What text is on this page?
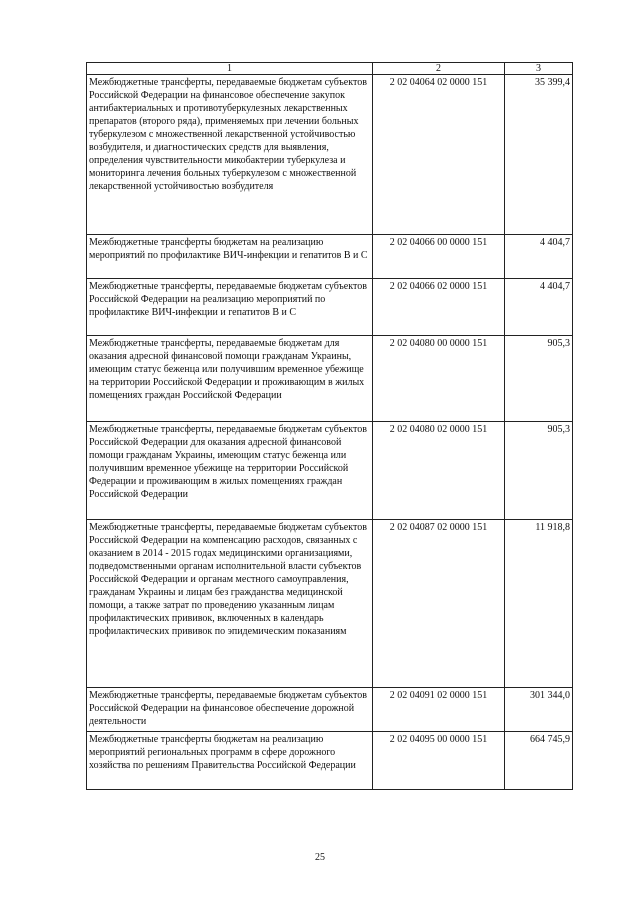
1	2	3
Межбюджетные трансферты, передаваемые бюджетам субъектов Российской Федерации на финансовое обеспечение закупок антибактериальных и противотуберкулезных лекарственных препаратов (второго ряда), применяемых при лечении больных туберкулезом с множественной лекарственной устойчивостью возбудителя, и диагностических средств для выявления, определения чувствительности микобактерии туберкулеза и мониторинга лечения больных туберкулезом с множественной лекарственной устойчивостью возбудителя	2 02 04064 02 0000 151	35 399,4
Межбюджетные трансферты бюджетам на реализацию мероприятий по профилактике ВИЧ-инфекции и гепатитов В и С	2 02 04066 00 0000 151	4 404,7
Межбюджетные трансферты, передаваемые бюджетам субъектов Российской Федерации на реализацию мероприятий по профилактике ВИЧ-инфекции и гепатитов В и С	2 02 04066 02 0000 151	4 404,7
Межбюджетные трансферты, передаваемые бюджетам для оказания адресной финансовой помощи гражданам Украины, имеющим статус беженца или получившим временное убежище на территории Российской Федерации и проживающим в жилых помещениях граждан Российской Федерации	2 02 04080 00 0000 151	905,3
Межбюджетные трансферты, передаваемые бюджетам субъектов Российской Федерации для оказания адресной финансовой помощи гражданам Украины, имеющим статус беженца или получившим временное убежище на территории Российской Федерации и проживающим в жилых помещениях граждан Российской Федерации	2 02 04080 02 0000 151	905,3
Межбюджетные трансферты, передаваемые бюджетам субъектов Российской Федерации на компенсацию расходов, связанных с оказанием в 2014 - 2015 годах медицинскими организациями, подведомственными органам исполнительной власти субъектов Российской Федерации и органам местного самоуправления, гражданам Украины и лицам без гражданства медицинской помощи, а также затрат по проведению указанным лицам профилактических прививок, включенных в календарь профилактических прививок по эпидемическим показаниям	2 02 04087 02 0000 151	11 918,8
Межбюджетные трансферты, передаваемые бюджетам субъектов Российской Федерации на финансовое обеспечение дорожной деятельности	2 02 04091 02 0000 151	301 344,0
Межбюджетные трансферты бюджетам на реализацию мероприятий региональных программ в сфере дорожного хозяйства по решениям Правительства Российской Федерации	2 02 04095 00 0000 151	664 745,9
25
